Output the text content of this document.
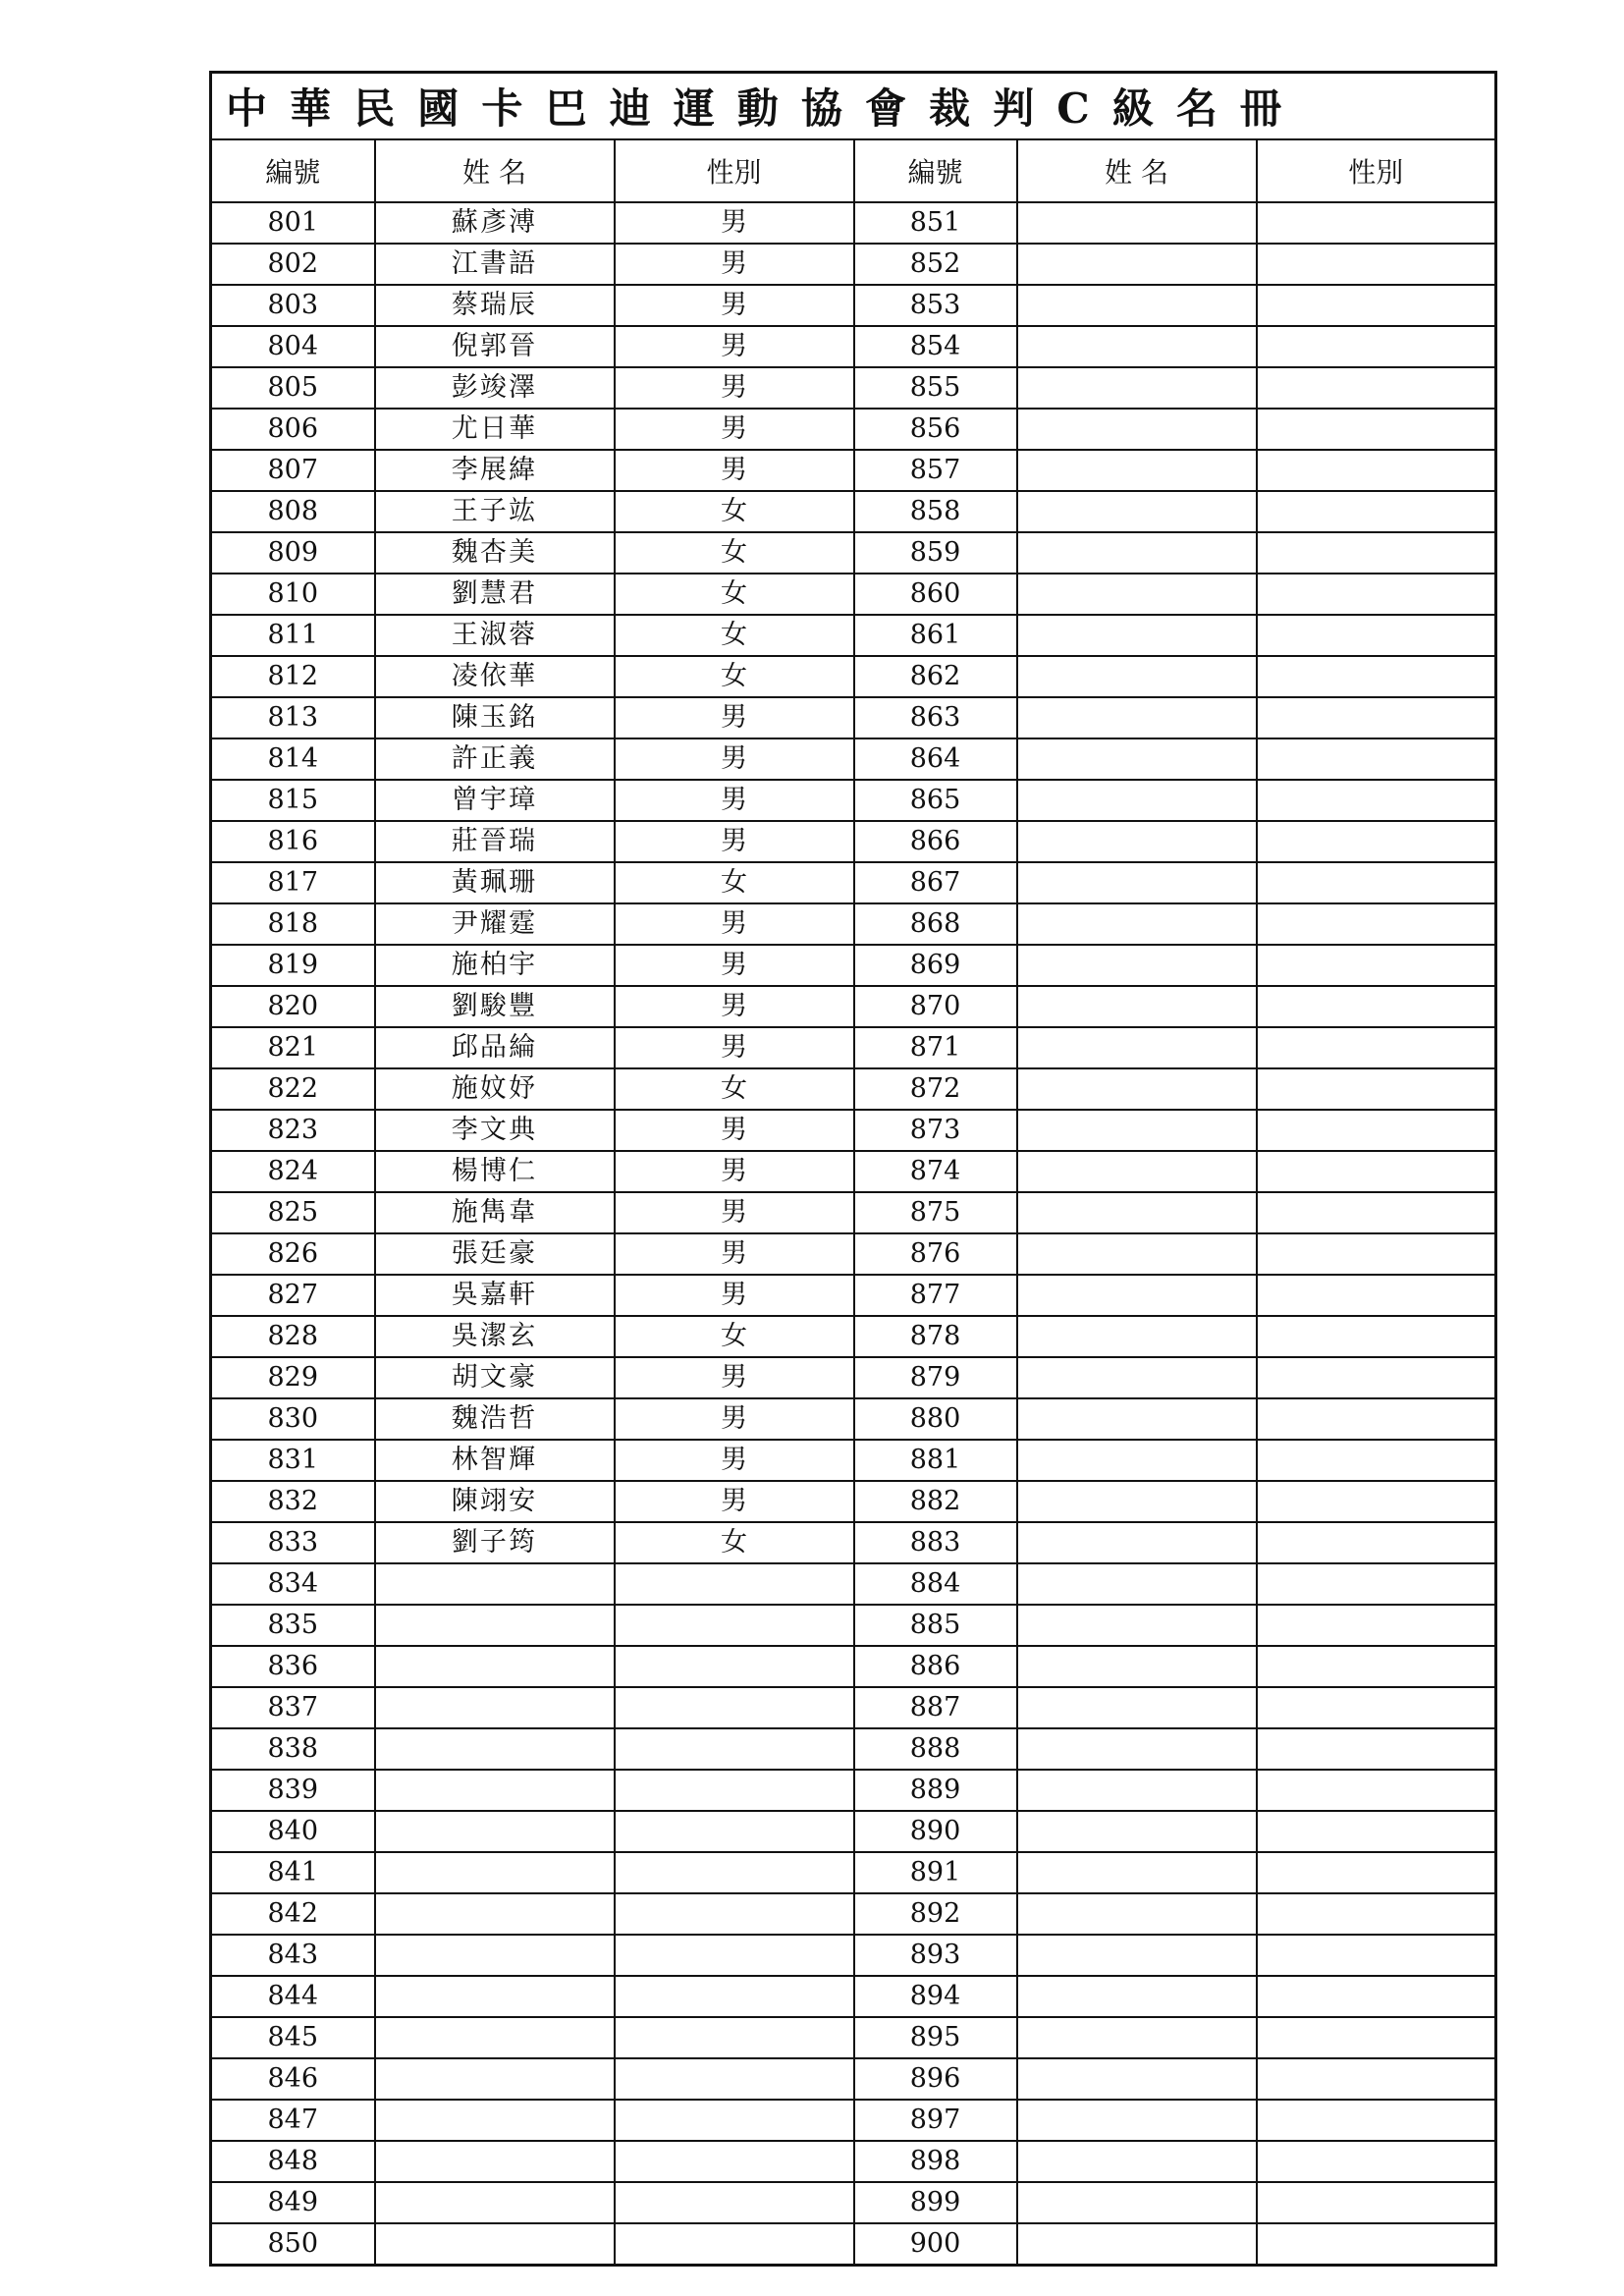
中華民國卡巴迪運動協會裁判C級名冊					
編號	姓 名	性別	編號	姓 名	性別
801	蘇彥溥	男	851		
802	江書語	男	852		
803	蔡瑞辰	男	853		
804	倪郭晉	男	854		
805	彭竣澤	男	855		
806	尤日華	男	856		
807	李展緯	男	857		
808	王子竑	女	858		
809	魏杏美	女	859		
810	劉慧君	女	860		
811	王淑蓉	女	861		
812	凌依華	女	862		
813	陳玉銘	男	863		
814	許正義	男	864		
815	曾宇璋	男	865		
816	莊晉瑞	男	866		
817	黃珮珊	女	867		
818	尹耀霆	男	868		
819	施柏宇	男	869		
820	劉駿豐	男	870		
821	邱品綸	男	871		
822	施妏妤	女	872		
823	李文典	男	873		
824	楊博仁	男	874		
825	施雋韋	男	875		
826	張廷豪	男	876		
827	吳嘉軒	男	877		
828	吳潔玄	女	878		
829	胡文豪	男	879		
830	魏浩哲	男	880		
831	林智輝	男	881		
832	陳翊安	男	882		
833	劉子筠	女	883		
834			884		
835			885		
836			886		
837			887		
838			888		
839			889		
840			890		
841			891		
842			892		
843			893		
844			894		
845			895		
846			896		
847			897		
848			898		
849			899		
850			900		
